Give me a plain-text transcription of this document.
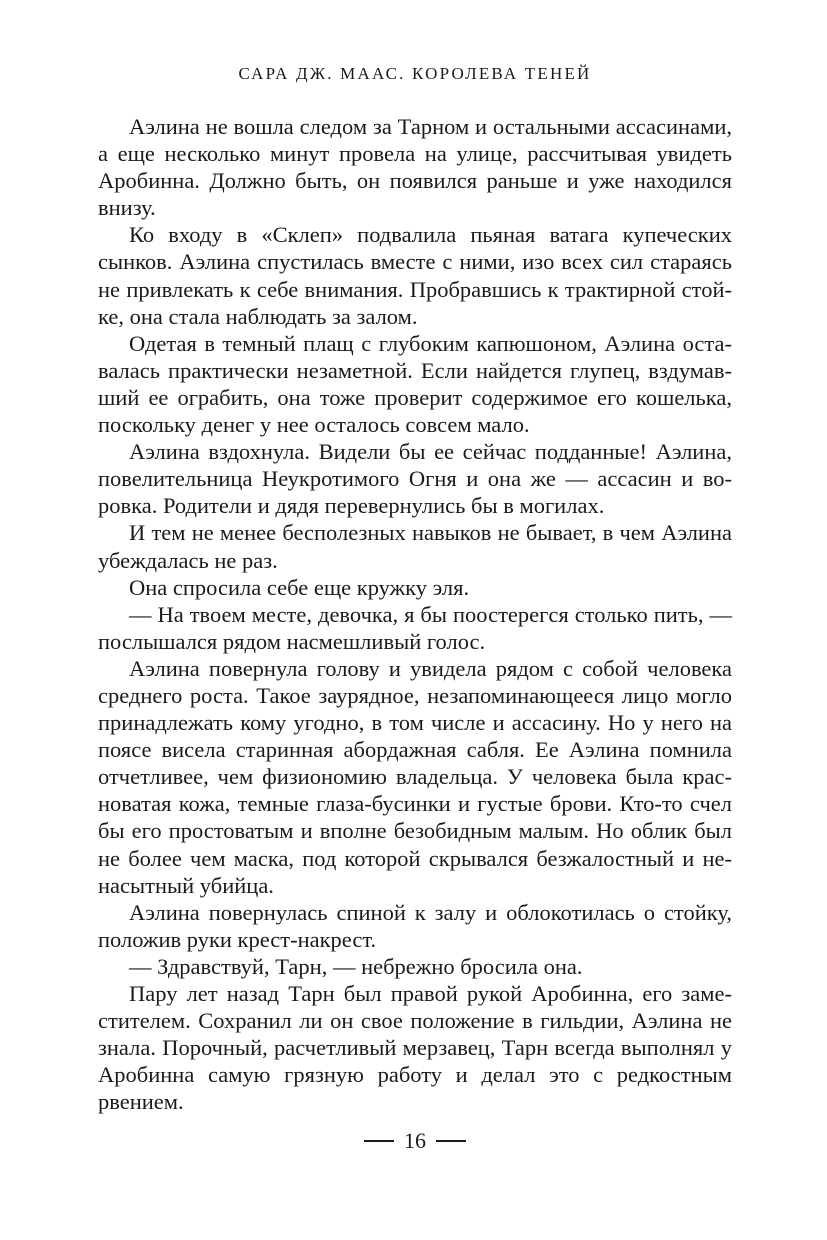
САРА ДЖ. МААС. КОРОЛЕВА ТЕНЕЙ

Аэлина не вошла следом за Тарном и остальными ассасинами, а еще несколько минут провела на улице, рассчитывая увидеть Аробинна. Должно быть, он появился раньше и уже находился внизу.

Ко входу в «Склеп» подвалила пьяная ватага купеческих сынков. Аэлина спустилась вместе с ними, изо всех сил стараясь не привлекать к себе внимания. Пробравшись к трактирной стойке, она стала наблюдать за залом.

Одетая в темный плащ с глубоким капюшоном, Аэлина оставалась практически незаметной. Если найдется глупец, вздумавший ее ограбить, она тоже проверит содержимое его кошелька, поскольку денег у нее осталось совсем мало.

Аэлина вздохнула. Видели бы ее сейчас подданные! Аэлина, повелительница Неукротимого Огня и она же — ассасин и воровка. Родители и дядя перевернулись бы в могилах.

И тем не менее бесполезных навыков не бывает, в чем Аэлина убеждалась не раз.

Она спросила себе еще кружку эля.

— На твоем месте, девочка, я бы поостерегся столько пить, — послышался рядом насмешливый голос.

Аэлина повернула голову и увидела рядом с собой человека среднего роста. Такое заурядное, незапоминающееся лицо могло принадлежать кому угодно, в том числе и ассасину. Но у него на поясе висела старинная абордажная сабля. Ее Аэлина помнила отчетливее, чем физиономию владельца. У человека была красноватая кожа, темные глаза-бусинки и густые брови. Кто-то счел бы его простоватым и вполне безобидным малым. Но облик был не более чем маска, под которой скрывался безжалостный и ненасытный убийца.

Аэлина повернулась спиной к залу и облокотилась о стойку, положив руки крест-накрест.

— Здравствуй, Тарн, — небрежно бросила она.

Пару лет назад Тарн был правой рукой Аробинна, его заместителем. Сохранил ли он свое положение в гильдии, Аэлина не знала. Порочный, расчетливый мерзавец, Тарн всегда выполнял у Аробинна самую грязную работу и делал это с редкостным рвением.

16
